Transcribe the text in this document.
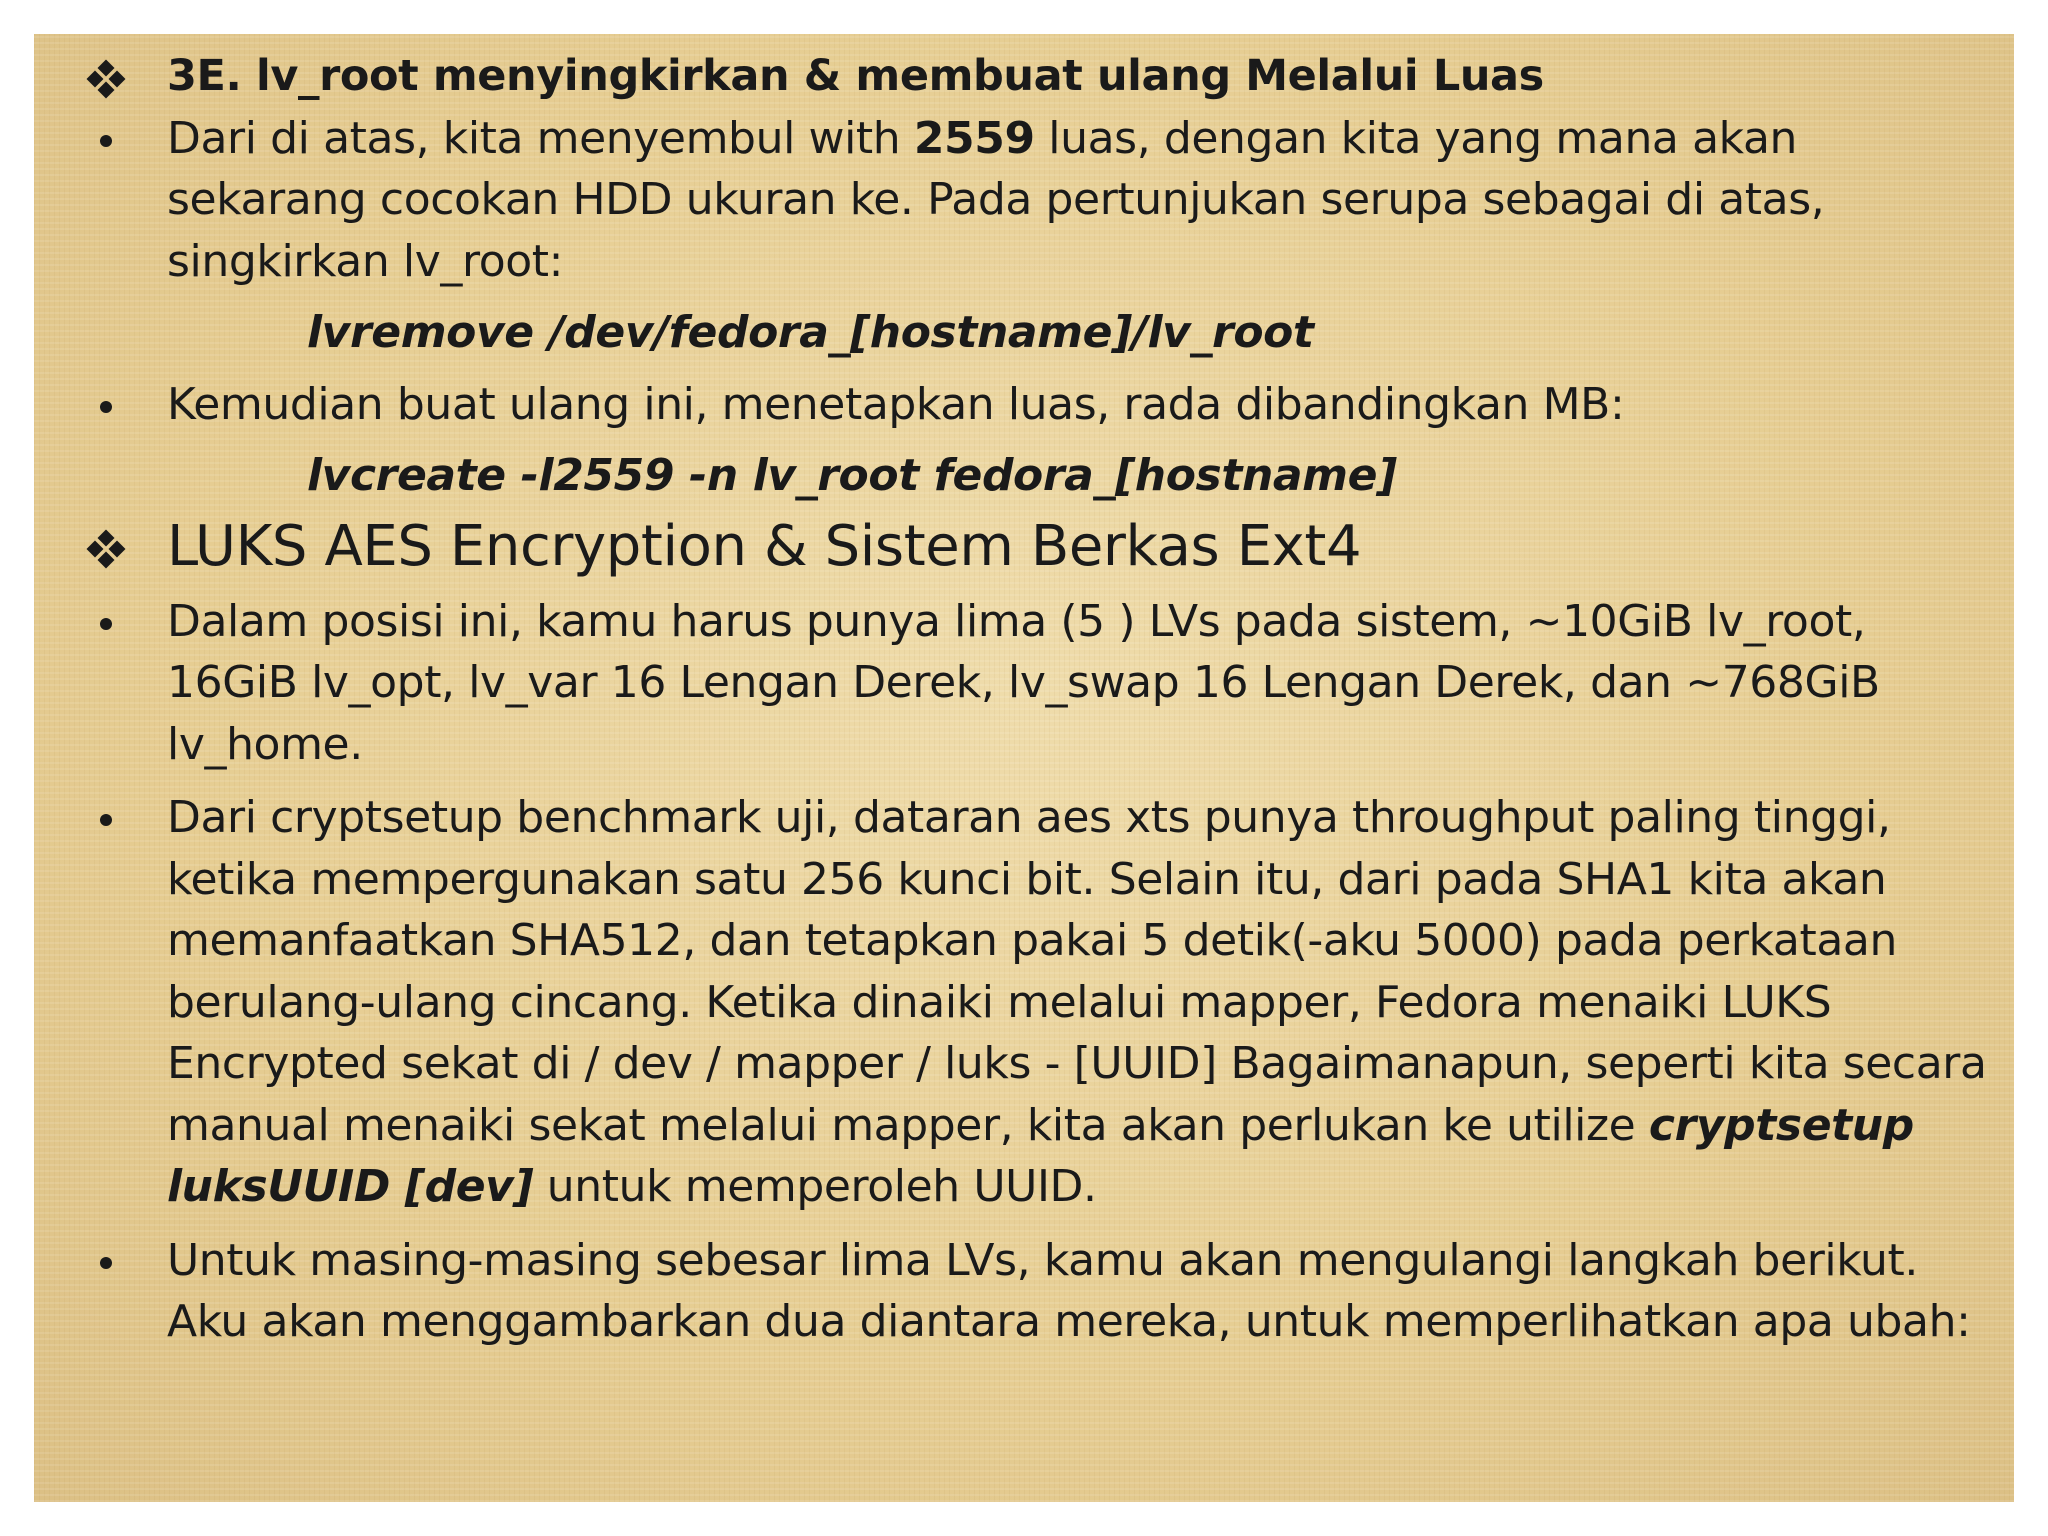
3E. lv_root menyingkirkan & membuat ulang Melalui Luas
Dari di atas, kita menyembul with 2559 luas, dengan kita yang mana akan sekarang cocokan HDD ukuran ke. Pada pertunjukan serupa sebagai di atas, singkirkan lv_root:
lvremove /dev/fedora_[hostname]/lv_root
Kemudian buat ulang ini, menetapkan luas, rada dibandingkan MB:
lvcreate -l2559 -n lv_root fedora_[hostname]
LUKS AES Encryption & Sistem Berkas Ext4
Dalam posisi ini, kamu harus punya lima (5 ) LVs pada sistem, ~10GiB lv_root, 16GiB lv_opt, lv_var 16 Lengan Derek, lv_swap 16 Lengan Derek, dan ~768GiB lv_home.
Dari cryptsetup benchmark uji, dataran aes xts punya throughput paling tinggi, ketika mempergunakan satu 256 kunci bit. Selain itu, dari pada SHA1 kita akan memanfaatkan SHA512, dan tetapkan pakai 5 detik(-aku 5000) pada perkataan berulang-ulang cincang. Ketika dinaiki melalui mapper, Fedora menaiki LUKS Encrypted sekat di / dev / mapper / luks - [UUID] Bagaimanapun, seperti kita secara manual menaiki sekat melalui mapper, kita akan perlukan ke utilize cryptsetup luksUUID [dev] untuk memperoleh UUID.
Untuk masing-masing sebesar lima LVs, kamu akan mengulangi langkah berikut. Aku akan menggambarkan dua diantara mereka, untuk memperlihatkan apa ubah:
